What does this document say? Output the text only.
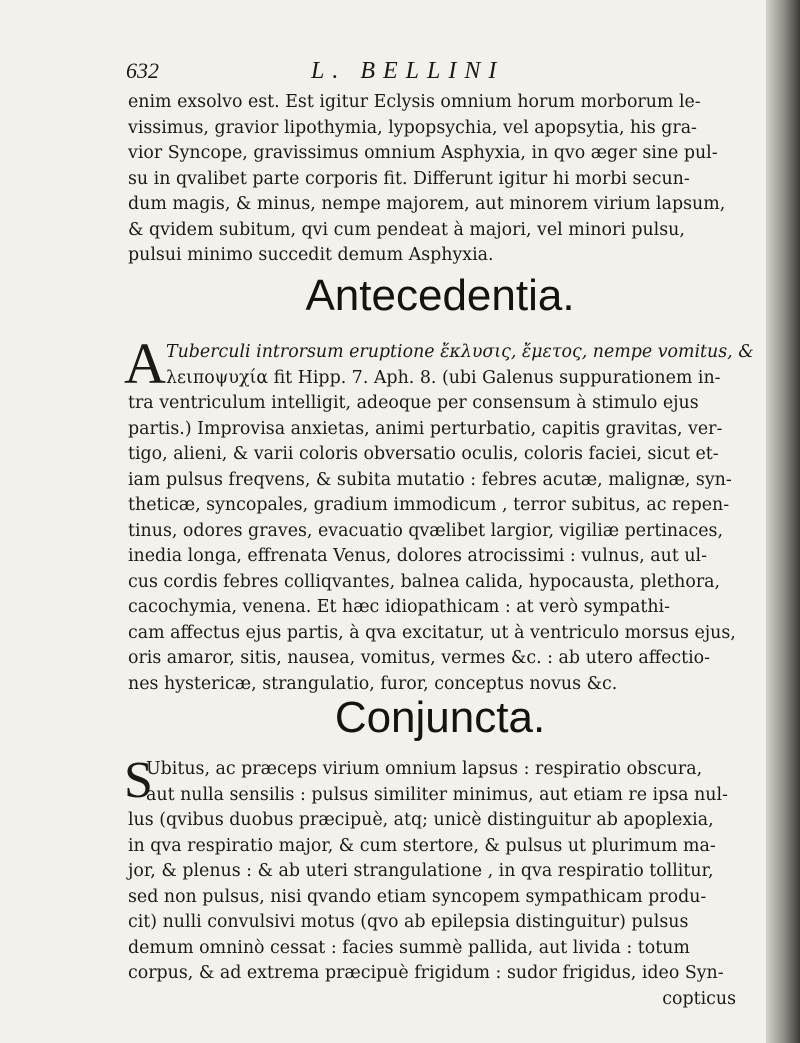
632	L. BELLINI
enim exsolvo est. Est igitur Eclysis omnium horum morborum le-
vissimus, gravior lipothymia, lypopsychia, vel apopsytia, his gra-
vior Syncope, gravissimus omnium Asphyxia, in qvo æger sine pul-
su in qvalibet parte corporis fit. Differunt igitur hi morbi secun-
dum magis, & minus, nempe majorem, aut minorem virium lapsum,
& qvidem subitum, qvi cum pendeat à majori, vel minori pulsu,
pulsui minimo succedit demum Asphyxia.
Antecedentia.
A Tuberculi introrsum eruptione ἔκλυσις, ἔμετος, nempe vomitus, &
λειποψυχία fit Hipp. 7. Aph. 8. (ubi Galenus suppurationem in-
tra ventriculum intelligit, adeoque per consensum à stimulo ejus
partis.) Improvisa anxietas, animi perturbatio, capitis gravitas, ver-
tigo, alieni, & varii coloris obversatio oculis, coloris faciei, sicut et-
iam pulsus freqvens, & subita mutatio : febres acutæ, malignæ, syn-
theticæ, syncopales, gradium immodicum , terror subitus, ac repen-
tinus, odores graves, evacuatio qvælibet largior, vigiliæ pertinaces,
inedia longa, effrenata Venus, dolores atrocissimi : vulnus, aut ul-
cus cordis febres colliqvantes, balnea calida, hypocausta, plethora,
cacochymia, venena. Et hæc idiopathicam : at verò sympathi-
cam affectus ejus partis, à qva excitatur, ut à ventriculo morsus ejus,
oris amaror, sitis, nausea, vomitus, vermes &c. : ab utero affectio-
nes hystericæ, strangulatio, furor, conceptus novus &c.
Conjuncta.
S
Ubitus, ac præceps virium omnium lapsus : respiratio obscura,
aut nulla sensilis : pulsus similiter minimus, aut etiam re ipsa nul-
lus (qvibus duobus præcipuè, atq; unicè distinguitur ab apoplexia,
in qva respiratio major, & cum stertore, & pulsus ut plurimum ma-
jor, & plenus : & ab uteri strangulatione , in qva respiratio tollitur,
sed non pulsus, nisi qvando etiam syncopem sympathicam produ-
cit) nulli convulsivi motus (qvo ab epilepsia distinguitur) pulsus
demum omninò cessat : facies summè pallida, aut livida : totum
corpus, & ad extrema præcipuè frigidum : sudor frigidus, ideo Syn-
copticus
